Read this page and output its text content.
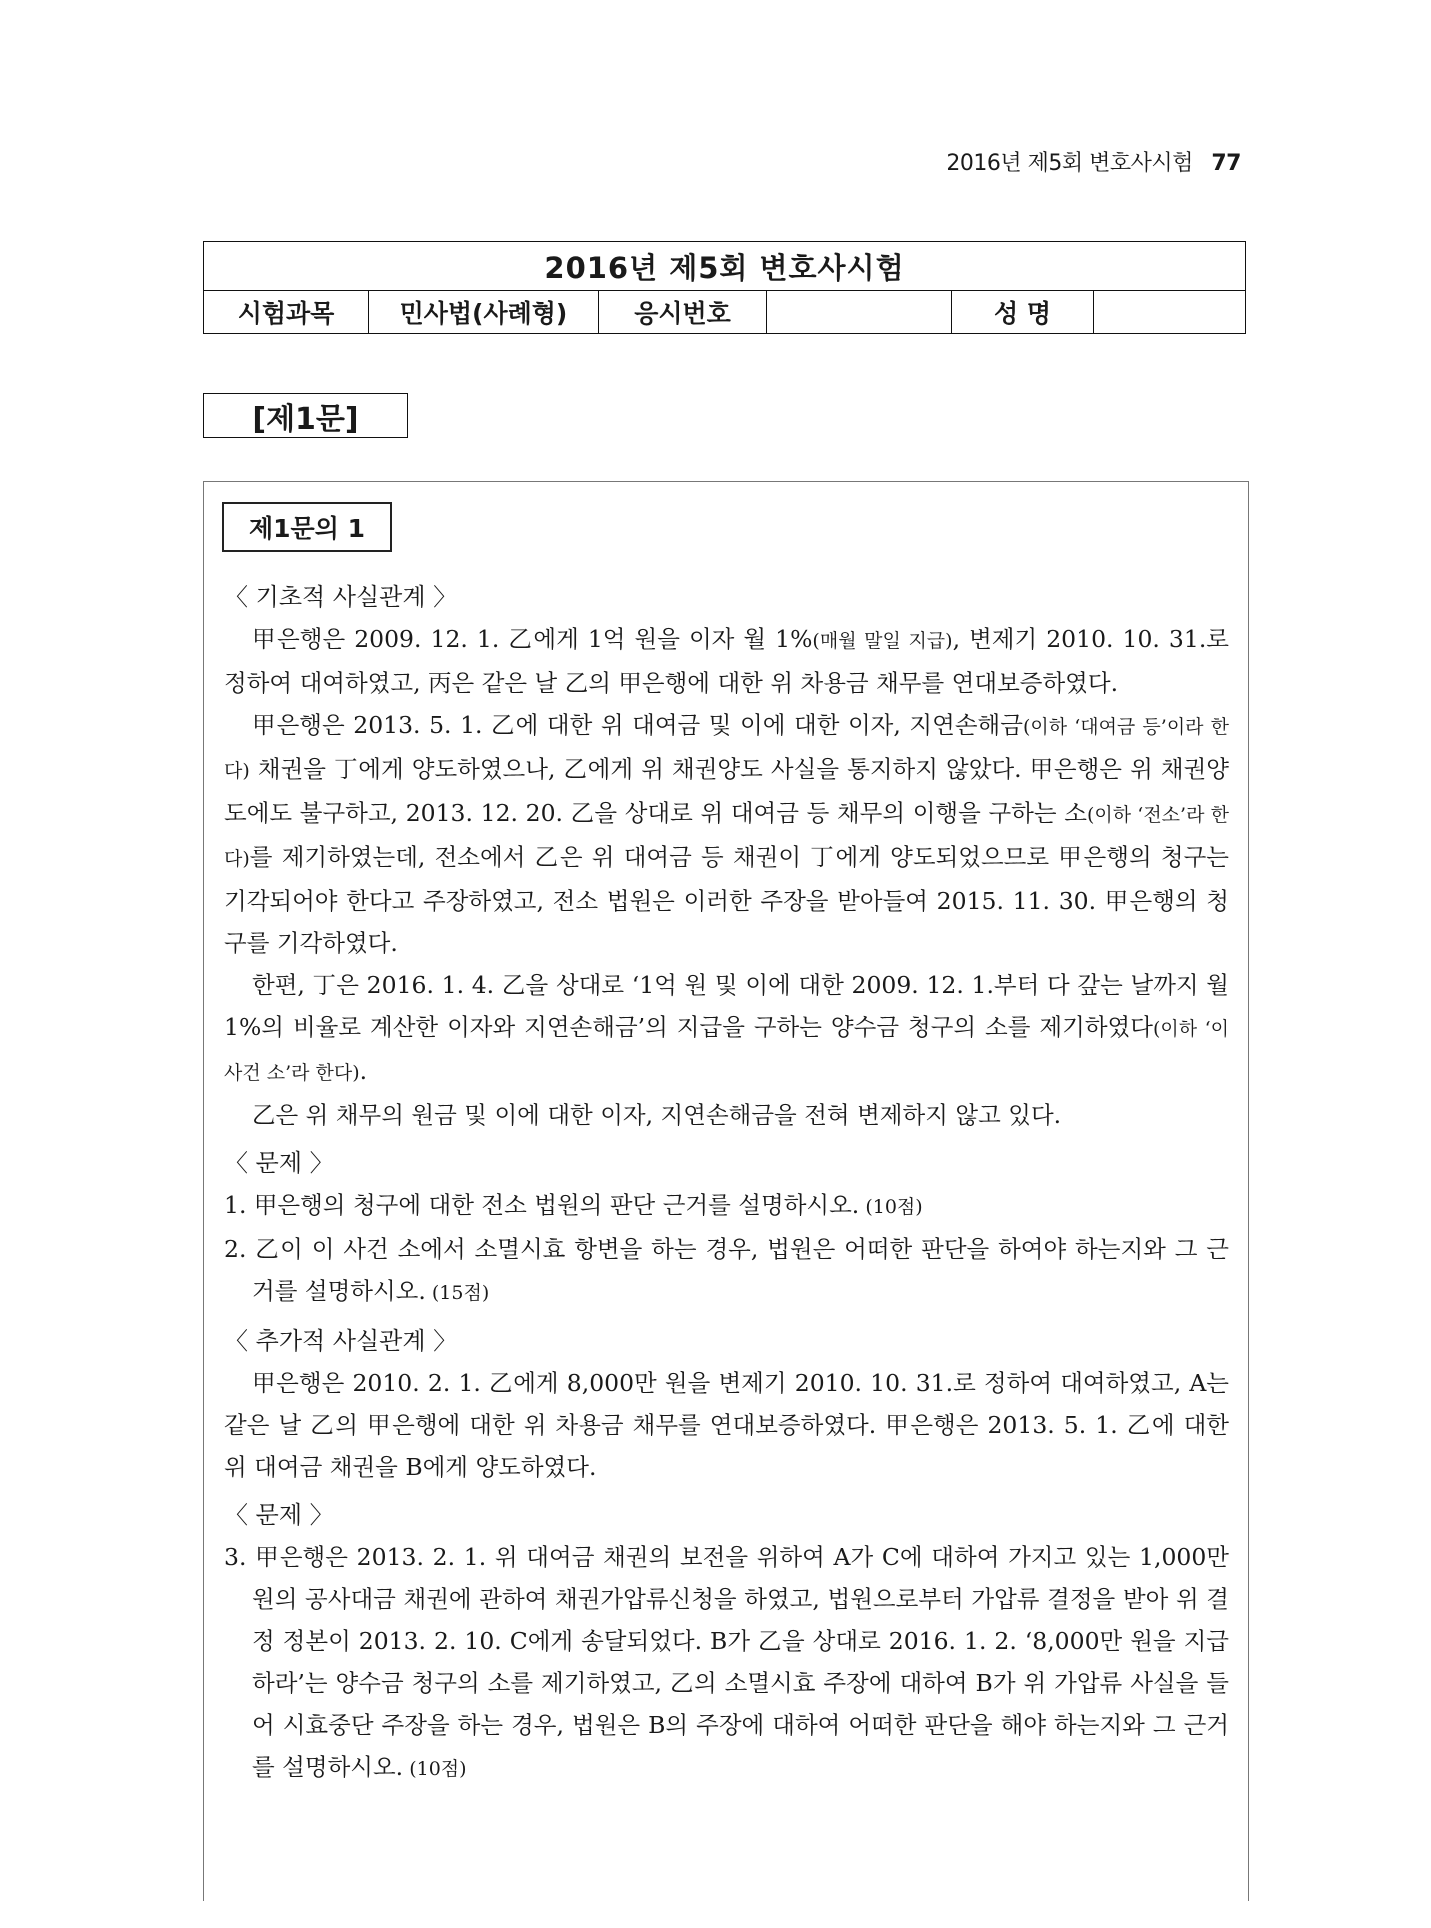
2016년 제5회 변호사시험 77
2016년 제5회 변호사시험
시험과목	민사법(사례형)	응시번호	성 명
[제1문]
제1문의 1

〈 기초적 사실관계 〉

甲은행은 2009. 12. 1. 乙에게 1억 원을 이자 월 1%(매월 말일 지급), 변제기 2010. 10. 31.로 정하여 대여하였고, 丙은 같은 날 乙의 甲은행에 대한 위 차용금 채무를 연대보증하였다.

甲은행은 2013. 5. 1. 乙에 대한 위 대여금 및 이에 대한 이자, 지연손해금(이하 ‘대여금 등’이라 한다) 채권을 丁에게 양도하였으나, 乙에게 위 채권양도 사실을 통지하지 않았다. 甲은행은 위 채권양도에도 불구하고, 2013. 12. 20. 乙을 상대로 위 대여금 등 채무의 이행을 구하는 소(이하 ‘전소’라 한다)를 제기하였는데, 전소에서 乙은 위 대여금 등 채권이 丁에게 양도되었으므로 甲은행의 청구는 기각되어야 한다고 주장하였고, 전소 법원은 이러한 주장을 받아들여 2015. 11. 30. 甲은행의 청구를 기각하였다.

한편, 丁은 2016. 1. 4. 乙을 상대로 ‘1억 원 및 이에 대한 2009. 12. 1.부터 다 갚는 날까지 월 1%의 비율로 계산한 이자와 지연손해금’의 지급을 구하는 양수금 청구의 소를 제기하였다(이하 ‘이 사건 소’라 한다).

乙은 위 채무의 원금 및 이에 대한 이자, 지연손해금을 전혀 변제하지 않고 있다.

〈 문제 〉

1. 甲은행의 청구에 대한 전소 법원의 판단 근거를 설명하시오. (10점)

2. 乙이 이 사건 소에서 소멸시효 항변을 하는 경우, 법원은 어떠한 판단을 하여야 하는지와 그 근거를 설명하시오. (15점)

〈 추가적 사실관계 〉

甲은행은 2010. 2. 1. 乙에게 8,000만 원을 변제기 2010. 10. 31.로 정하여 대여하였고, A는 같은 날 乙의 甲은행에 대한 위 차용금 채무를 연대보증하였다. 甲은행은 2013. 5. 1. 乙에 대한 위 대여금 채권을 B에게 양도하였다.

〈 문제 〉

3. 甲은행은 2013. 2. 1. 위 대여금 채권의 보전을 위하여 A가 C에 대하여 가지고 있는 1,000만 원의 공사대금 채권에 관하여 채권가압류신청을 하였고, 법원으로부터 가압류 결정을 받아 위 결정 정본이 2013. 2. 10. C에게 송달되었다. B가 乙을 상대로 2016. 1. 2. ‘8,000만 원을 지급하라’는 양수금 청구의 소를 제기하였고, 乙의 소멸시효 주장에 대하여 B가 위 가압류 사실을 들어 시효중단 주장을 하는 경우, 법원은 B의 주장에 대하여 어떠한 판단을 해야 하는지와 그 근거를 설명하시오. (10점)
